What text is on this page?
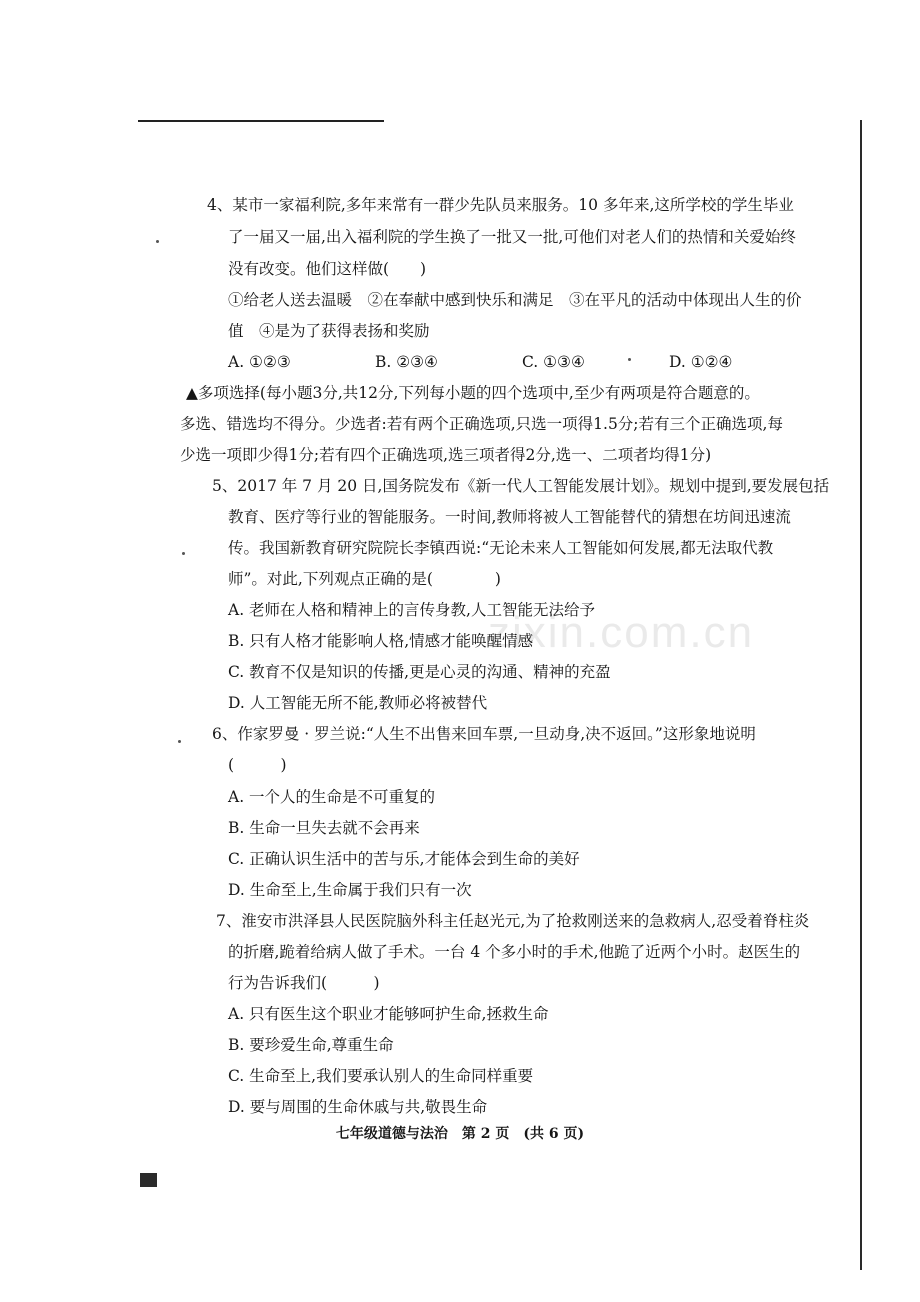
zixin.com.cn
4、某市一家福利院,多年来常有一群少先队员来服务。10 多年来,这所学校的学生毕业
了一届又一届,出入福利院的学生换了一批又一批,可他们对老人们的热情和关爱始终
没有改变。他们这样做(　　)
①给老人送去温暖　②在奉献中感到快乐和满足　③在平凡的活动中体现出人生的价
值　④是为了获得表扬和奖励
A. ①②③	B. ②③④	C. ①③④	D. ①②④
▲多项选择(每小题3分,共12分,下列每小题的四个选项中,至少有两项是符合题意的。
多选、错选均不得分。少选者:若有两个正确选项,只选一项得1.5分;若有三个正确选项,每
少选一项即少得1分;若有四个正确选项,选三项者得2分,选一、二项者均得1分)
5、2017 年 7 月 20 日,国务院发布《新一代人工智能发展计划》。规划中提到,要发展包括
教育、医疗等行业的智能服务。一时间,教师将被人工智能替代的猜想在坊间迅速流
传。我国新教育研究院院长李镇西说:“无论未来人工智能如何发展,都无法取代教
师”。对此,下列观点正确的是(　　　　)
A. 老师在人格和精神上的言传身教,人工智能无法给予
B. 只有人格才能影响人格,情感才能唤醒情感
C. 教育不仅是知识的传播,更是心灵的沟通、精神的充盈
D. 人工智能无所不能,教师必将被替代
6、作家罗曼 · 罗兰说:“人生不出售来回车票,一旦动身,决不返回。”这形象地说明
(　　　)
A. 一个人的生命是不可重复的
B. 生命一旦失去就不会再来
C. 正确认识生活中的苦与乐,才能体会到生命的美好
D. 生命至上,生命属于我们只有一次
7、淮安市洪泽县人民医院脑外科主任赵光元,为了抢救刚送来的急救病人,忍受着脊柱炎
的折磨,跪着给病人做了手术。一台 4 个多小时的手术,他跪了近两个小时。赵医生的
行为告诉我们(　　　)
A. 只有医生这个职业才能够呵护生命,拯救生命
B. 要珍爱生命,尊重生命
C. 生命至上,我们要承认别人的生命同样重要
D. 要与周围的生命休戚与共,敬畏生命
七年级道德与法治　第 2 页　(共 6 页)
